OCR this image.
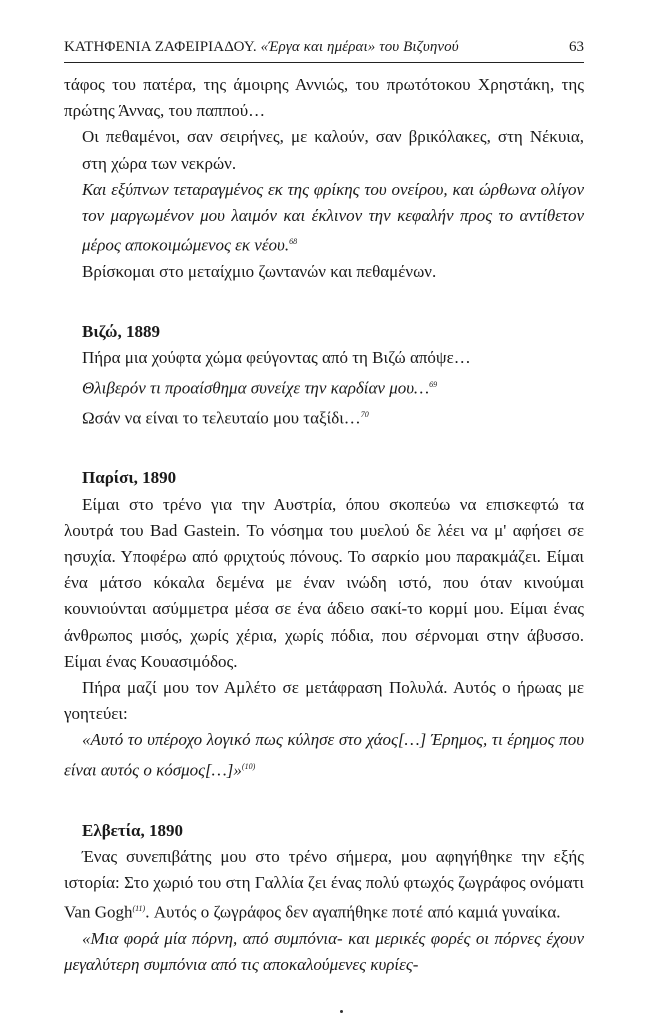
ΚΑΤΗΦΕΝΙΑ ΖΑΦΕΙΡΙΑΔΟΥ. «Έργα και ημέραι» του Βιζυηνού	63

τάφος του πατέρα, της άμοιρης Αννιώς, του πρωτότοκου Χρηστάκη, της πρώτης Άννας, του παππού…

Οι πεθαμένοι, σαν σειρήνες, με καλούν, σαν βρικόλακες, στη Νέκυια, στη χώρα των νεκρών.

Και εξύπνων τεταραγμένος εκ της φρίκης του ονείρου, και ώρθωνα ολίγον τον μαργωμένον μου λαιμόν και έκλινον την κεφαλήν προς το αντίθετον μέρος αποκοιμώμενος εκ νέου.$^{68}$

Βρίσκομαι στο μεταίχμιο ζωντανών και πεθαμένων.

Βιζώ, 1889

Πήρα μια χούφτα χώμα φεύγοντας από τη Βιζώ απόψε…

Θλιβερόν τι προαίσθημα συνείχε την καρδίαν μου…$^{69}$

Ωσάν να είναι το τελευταίο μου ταξίδι…$^{70}$

Παρίσι, 1890

Είμαι στο τρένο για την Αυστρία, όπου σκοπεύω να επισκεφτώ τα λουτρά του Bad Gastein. Το νόσημα του μυελού δε λέει να μ' αφήσει σε ησυχία. Υποφέρω από φριχτούς πόνους. Το σαρκίο μου παρακμάζει. Είμαι ένα μάτσο κόκαλα δεμένα με έναν ινώδη ιστό, που όταν κινούμαι κουνιούνται ασύμμετρα μέσα σε ένα άδειο σακί-το κορμί μου. Είμαι ένας άνθρωπος μισός, χωρίς χέρια, χωρίς πόδια, που σέρνομαι στην άβυσσο. Είμαι ένας Κουασιμόδος.

Πήρα μαζί μου τον Αμλέτο σε μετάφραση Πολυλά. Αυτός ο ήρωας με γοητεύει:

«Αυτό το υπέροχο λογικό πως κύλησε στο χάος[…] Έρημος, τι έρημος που είναι αυτός ο κόσμος[…]»$^{(10)}$

Ελβετία, 1890

Ένας συνεπιβάτης μου στο τρένο σήμερα, μου αφηγήθηκε την εξής ιστορία: Στο χωριό του στη Γαλλία ζει ένας πολύ φτωχός ζωγράφος ονόματι Van Gogh$^{(11)}$. Αυτός ο ζωγράφος δεν αγαπήθηκε ποτέ από καμιά γυναίκα.

«Μια φορά μία πόρνη, από συμπόνια- και μερικές φορές οι πόρνες έχουν μεγαλύτερη συμπόνια από τις αποκαλούμενες κυρίες-
